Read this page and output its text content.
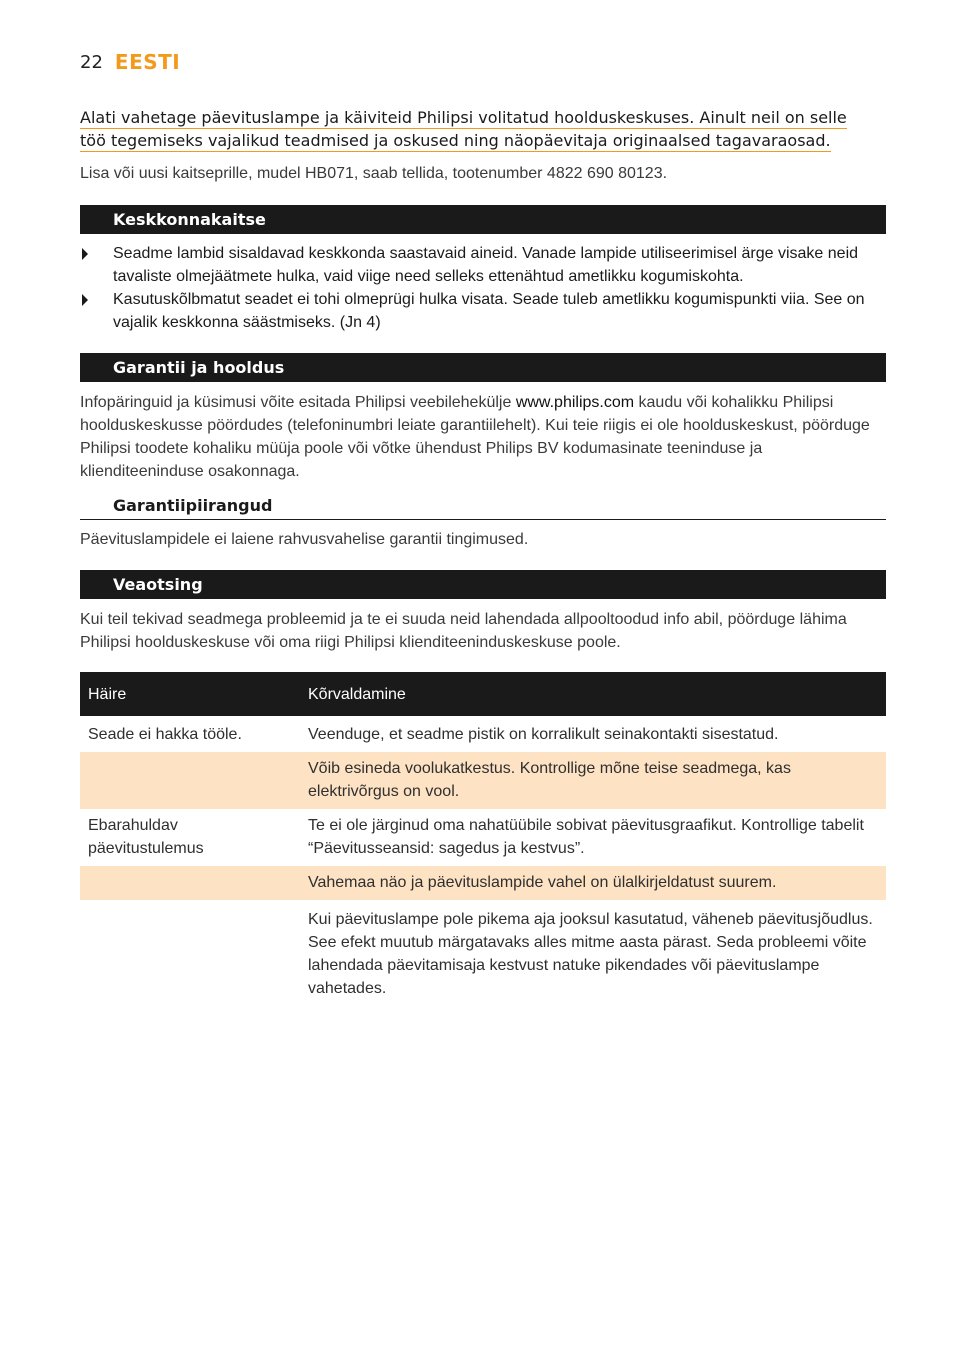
22 EESTI
Alati vahetage päevituslampe ja käiviteid Philipsi volitatud hoolduskeskuses. Ainult neil on selle
töö tegemiseks vajalikud teadmised ja oskused ning näopäevitaja originaalsed tagavaraosad.
Lisa või uusi kaitseprille, mudel HB071, saab tellida, tootenumber 4822 690 80123.
Keskkonnakaitse
Seadme lambid sisaldavad keskkonda saastavaid aineid. Vanade lampide utiliseerimisel ärge visake neid tavaliste olmejäätmete hulka, vaid viige need selleks ettenähtud ametlikku kogumiskohta.
Kasutuskõlbmatut seadet ei tohi olmeprügi hulka visata. Seade tuleb ametlikku kogumispunkti viia. See on vajalik keskkonna säästmiseks. (Jn 4)
Garantii ja hooldus
Infopäringuid ja küsimusi võite esitada Philipsi veebilehekülje www.philips.com kaudu või kohalikku Philipsi hoolduskeskusse pöördudes (telefoninumbri leiate garantiilehelt). Kui teie riigis ei ole hoolduskeskust, pöörduge Philipsi toodete kohaliku müüja poole või võtke ühendust Philips BV kodumasinate teeninduse ja klienditeeninduse osakonnaga.
Garantiipiirangud
Päevituslampidele ei laiene rahvusvahelise garantii tingimused.
Veaotsing
Kui teil tekivad seadmega probleemid ja te ei suuda neid lahendada allpooltoodud info abil, pöörduge lähima Philipsi hoolduskeskuse või oma riigi Philipsi klienditeeninduskeskuse poole.
Häire	Kõrvaldamine
Seade ei hakka tööle.	Veenduge, et seadme pistik on korralikult seinakontakti sisestatud.
	Võib esineda voolukatkestus. Kontrollige mõne teise seadmega, kas elektrivõrgus on vool.
Ebarahuldav päevitustulemus	Te ei ole järginud oma nahatüübile sobivat päevitusgraafikut. Kontrollige tabelit “Päevitusseansid: sagedus ja kestvus”.
	Vahemaa näo ja päevituslampide vahel on ülalkirjeldatust suurem.
	Kui päevituslampe pole pikema aja jooksul kasutatud, väheneb päevitusjõudlus. See efekt muutub märgatavaks alles mitme aasta pärast. Seda probleemi võite lahendada päevitamisaja kestvust natuke pikendades või päevituslampe vahetades.
